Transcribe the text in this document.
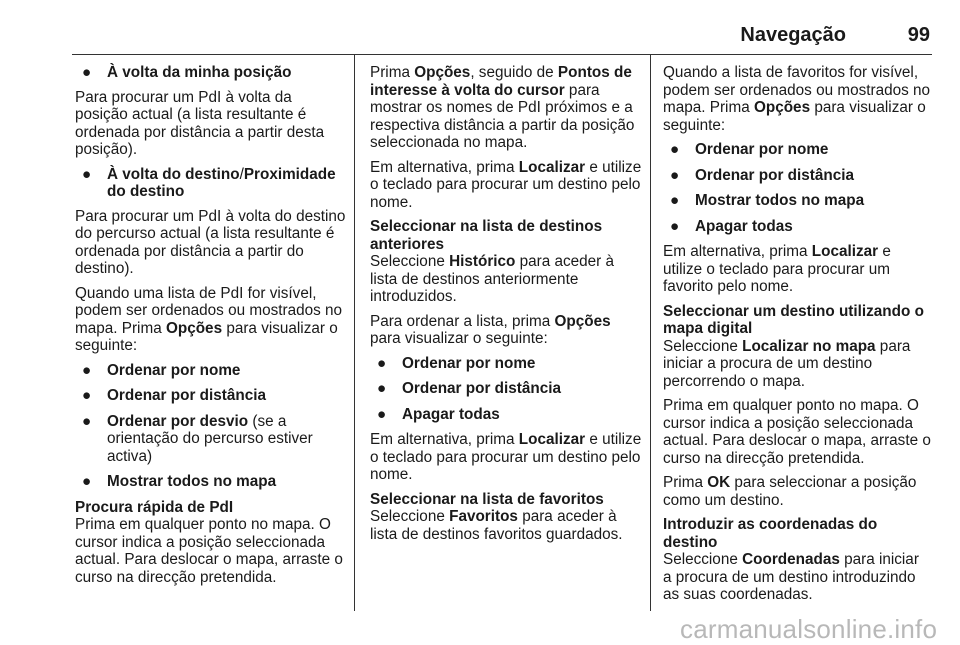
Navegação	99
● À volta da minha posição

Para procurar um PdI à volta da posição actual (a lista resultante é ordenada por distância a partir desta posição).

● À volta do destino/Proximidade do destino

Para procurar um PdI à volta do destino do percurso actual (a lista resultante é ordenada por distância a partir do destino).

Quando uma lista de PdI for visível, podem ser ordenados ou mostrados no mapa. Prima Opções para visualizar o seguinte:

● Ordenar por nome
● Ordenar por distância
● Ordenar por desvio (se a orientação do percurso estiver activa)
● Mostrar todos no mapa
Procura rápida de PdI

Prima em qualquer ponto no mapa. O cursor indica a posição seleccionada actual. Para deslocar o mapa, arraste o curso na direcção pretendida.

Prima Opções, seguido de Pontos de interesse à volta do cursor para mostrar os nomes de PdI próximos e a respectiva distância a partir da posição seleccionada no mapa.

Em alternativa, prima Localizar e utilize o teclado para procurar um destino pelo nome.

Seleccionar na lista de destinos anteriores

Seleccione Histórico para aceder à lista de destinos anteriormente introduzidos.

Para ordenar a lista, prima Opções para visualizar o seguinte:

● Ordenar por nome
● Ordenar por distância
● Apagar todas

Em alternativa, prima Localizar e utilize o teclado para procurar um destino pelo nome.

Seleccionar na lista de favoritos

Seleccione Favoritos para aceder à lista de destinos favoritos guardados.

Quando a lista de favoritos for visível, podem ser ordenados ou mostrados no mapa. Prima Opções para visualizar o seguinte:

● Ordenar por nome
● Ordenar por distância
● Mostrar todos no mapa
● Apagar todas

Em alternativa, prima Localizar e utilize o teclado para procurar um favorito pelo nome.

Seleccionar um destino utilizando o mapa digital

Seleccione Localizar no mapa para iniciar a procura de um destino percorrendo o mapa.

Prima em qualquer ponto no mapa. O cursor indica a posição seleccionada actual. Para deslocar o mapa, arraste o curso na direcção pretendida.

Prima OK para seleccionar a posição como um destino.

Introduzir as coordenadas do destino

Seleccione Coordenadas para iniciar a procura de um destino introduzindo as suas coordenadas.

carmanualsonline.info
